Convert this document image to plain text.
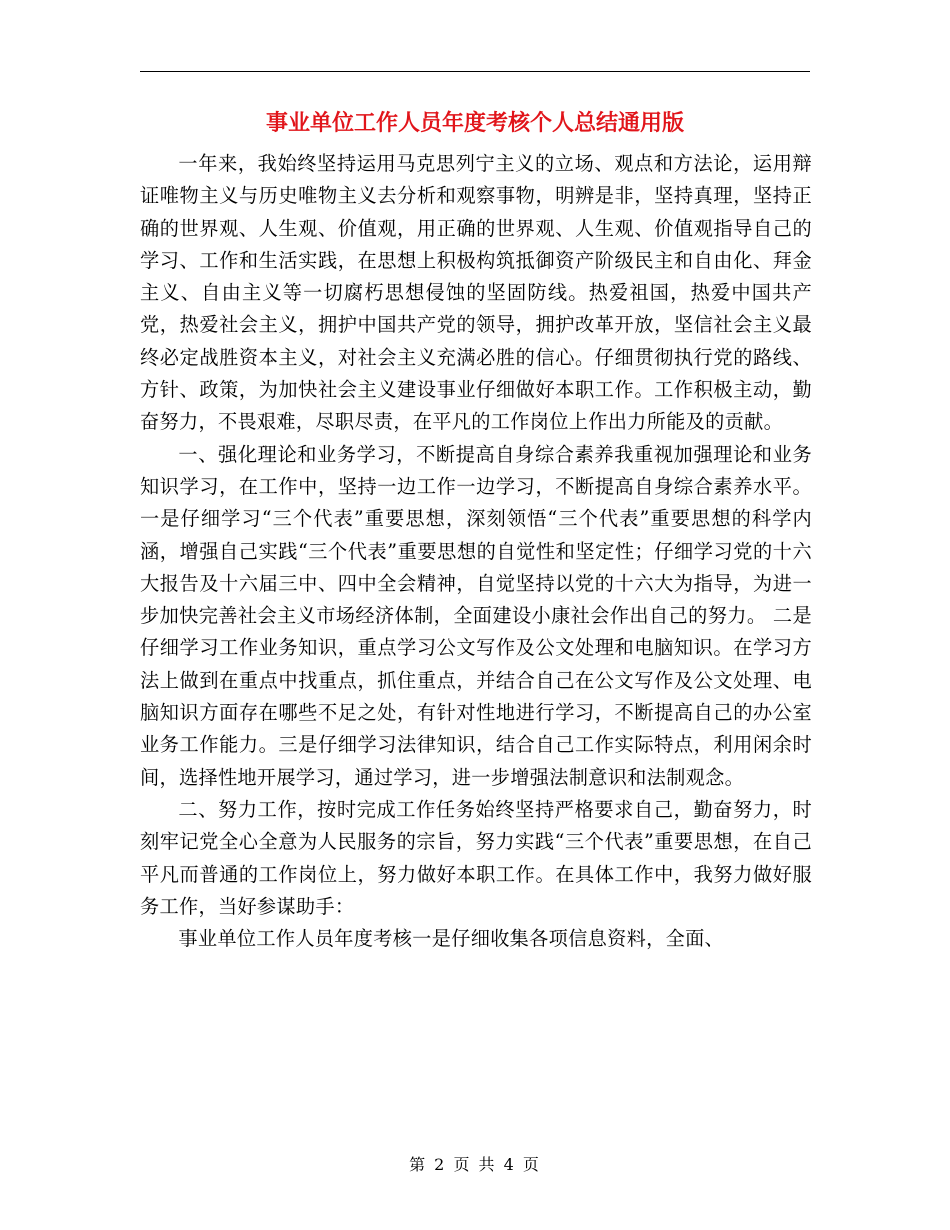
事业单位工作人员年度考核个人总结通用版

一年来，我始终坚持运用马克思列宁主义的立场、观点和方法论，运用辩证唯物主义与历史唯物主义去分析和观察事物，明辨是非，坚持真理，坚持正确的世界观、人生观、价值观，用正确的世界观、人生观、价值观指导自己的学习、工作和生活实践，在思想上积极构筑抵御资产阶级民主和自由化、拜金主义、自由主义等一切腐朽思想侵蚀的坚固防线。热爱祖国，热爱中国共产党，热爱社会主义，拥护中国共产党的领导，拥护改革开放，坚信社会主义最终必定战胜资本主义，对社会主义充满必胜的信心。仔细贯彻执行党的路线、方针、政策，为加快社会主义建设事业仔细做好本职工作。工作积极主动，勤奋努力，不畏艰难，尽职尽责，在平凡的工作岗位上作出力所能及的贡献。

一、强化理论和业务学习，不断提高自身综合素养我重视加强理论和业务知识学习，在工作中，坚持一边工作一边学习，不断提高自身综合素养水平。一是仔细学习“三个代表”重要思想，深刻领悟“三个代表”重要思想的科学内涵，增强自己实践“三个代表”重要思想的自觉性和坚定性；仔细学习党的十六大报告及十六届三中、四中全会精神，自觉坚持以党的十六大为指导，为进一步加快完善社会主义市场经济体制，全面建设小康社会作出自己的努力。 二是仔细学习工作业务知识，重点学习公文写作及公文处理和电脑知识。在学习方法上做到在重点中找重点，抓住重点，并结合自己在公文写作及公文处理、电脑知识方面存在哪些不足之处，有针对性地进行学习，不断提高自己的办公室业务工作能力。三是仔细学习法律知识，结合自己工作实际特点，利用闲余时间，选择性地开展学习，通过学习，进一步增强法制意识和法制观念。

二、努力工作，按时完成工作任务始终坚持严格要求自己，勤奋努力，时刻牢记党全心全意为人民服务的宗旨，努力实践“三个代表”重要思想，在自己平凡而普通的工作岗位上，努力做好本职工作。在具体工作中，我努力做好服务工作，当好参谋助手：

事业单位工作人员年度考核一是仔细收集各项信息资料，全面、

第 2 页 共 4 页
